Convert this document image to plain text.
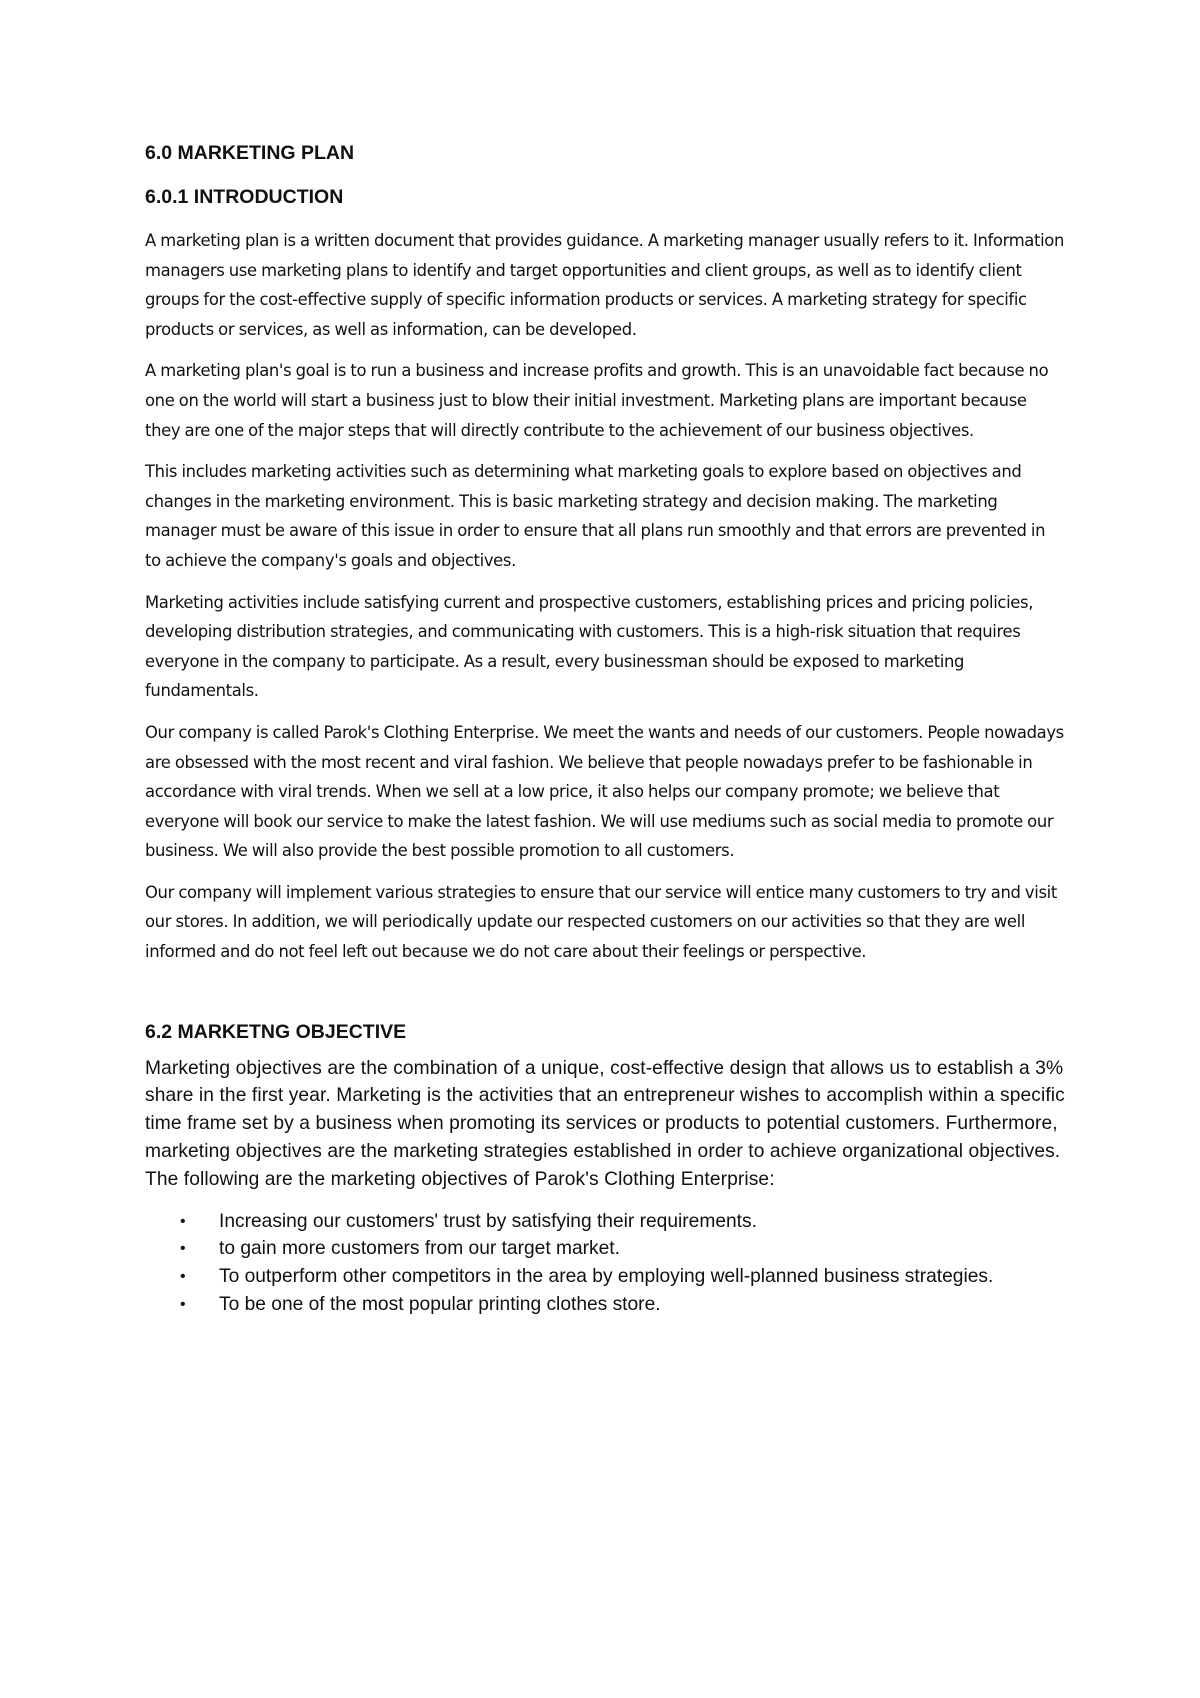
6.0 MARKETING PLAN
6.0.1 INTRODUCTION

A marketing plan is a written document that provides guidance. A marketing manager usually refers to it. Information managers use marketing plans to identify and target opportunities and client groups, as well as to identify client groups for the cost-effective supply of specific information products or services. A marketing strategy for specific products or services, as well as information, can be developed.

A marketing plan's goal is to run a business and increase profits and growth. This is an unavoidable fact because no one on the world will start a business just to blow their initial investment. Marketing plans are important because they are one of the major steps that will directly contribute to the achievement of our business objectives.

This includes marketing activities such as determining what marketing goals to explore based on objectives and changes in the marketing environment. This is basic marketing strategy and decision making. The marketing manager must be aware of this issue in order to ensure that all plans run smoothly and that errors are prevented in to achieve the company's goals and objectives.

Marketing activities include satisfying current and prospective customers, establishing prices and pricing policies, developing distribution strategies, and communicating with customers. This is a high-risk situation that requires everyone in the company to participate. As a result, every businessman should be exposed to marketing fundamentals.

Our company is called Parok's Clothing Enterprise. We meet the wants and needs of our customers. People nowadays are obsessed with the most recent and viral fashion. We believe that people nowadays prefer to be fashionable in accordance with viral trends. When we sell at a low price, it also helps our company promote; we believe that everyone will book our service to make the latest fashion. We will use mediums such as social media to promote our business. We will also provide the best possible promotion to all customers.

Our company will implement various strategies to ensure that our service will entice many customers to try and visit our stores. In addition, we will periodically update our respected customers on our activities so that they are well informed and do not feel left out because we do not care about their feelings or perspective.

6.2 MARKETNG OBJECTIVE

Marketing objectives are the combination of a unique, cost-effective design that allows us to establish a 3% share in the first year. Marketing is the activities that an entrepreneur wishes to accomplish within a specific time frame set by a business when promoting its services or products to potential customers. Furthermore, marketing objectives are the marketing strategies established in order to achieve organizational objectives. The following are the marketing objectives of Parok's Clothing Enterprise:

• Increasing our customers' trust by satisfying their requirements.
• to gain more customers from our target market.
• To outperform other competitors in the area by employing well-planned business strategies.
• To be one of the most popular printing clothes store.
